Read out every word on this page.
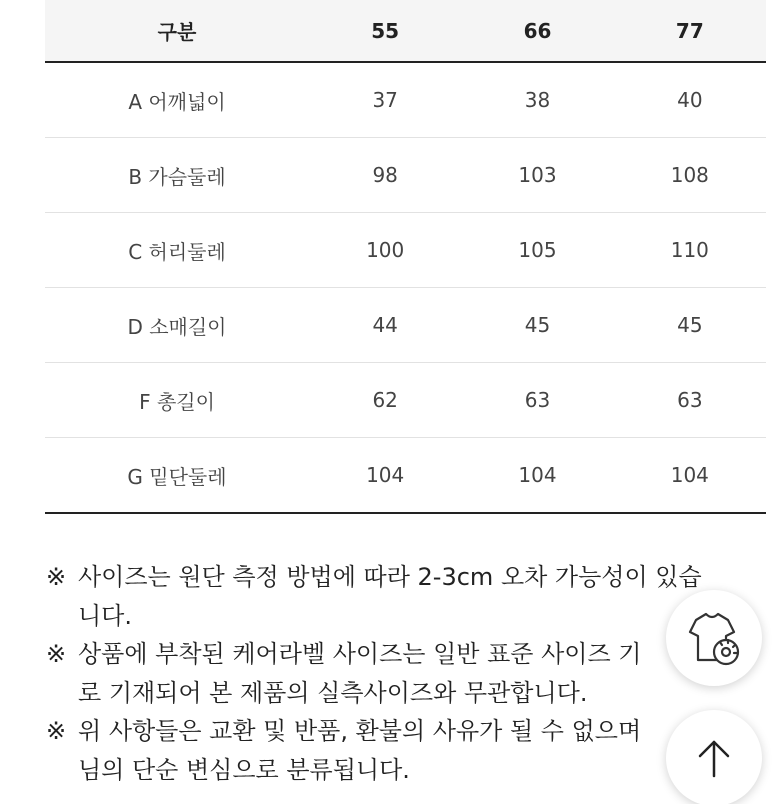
구분	55	66	77
A 어깨넓이	37	38	40
B 가슴둘레	98	103	108
C 허리둘레	100	105	110
D 소매길이	44	45	45
F 총길이	62	63	63
G 밑단둘레	104	104	104
※ 사이즈는 원단 측정 방법에 따라 2-3cm 오차 가능성이 있습
니다.
※ 상품에 부착된 케어라벨 사이즈는 일반 표준 사이즈 기
로 기재되어 본 제품의 실측사이즈와 무관합니다.
※ 위 사항들은 교환 및 반품, 환불의 사유가 될 수 없으며
님의 단순 변심으로 분류됩니다.
